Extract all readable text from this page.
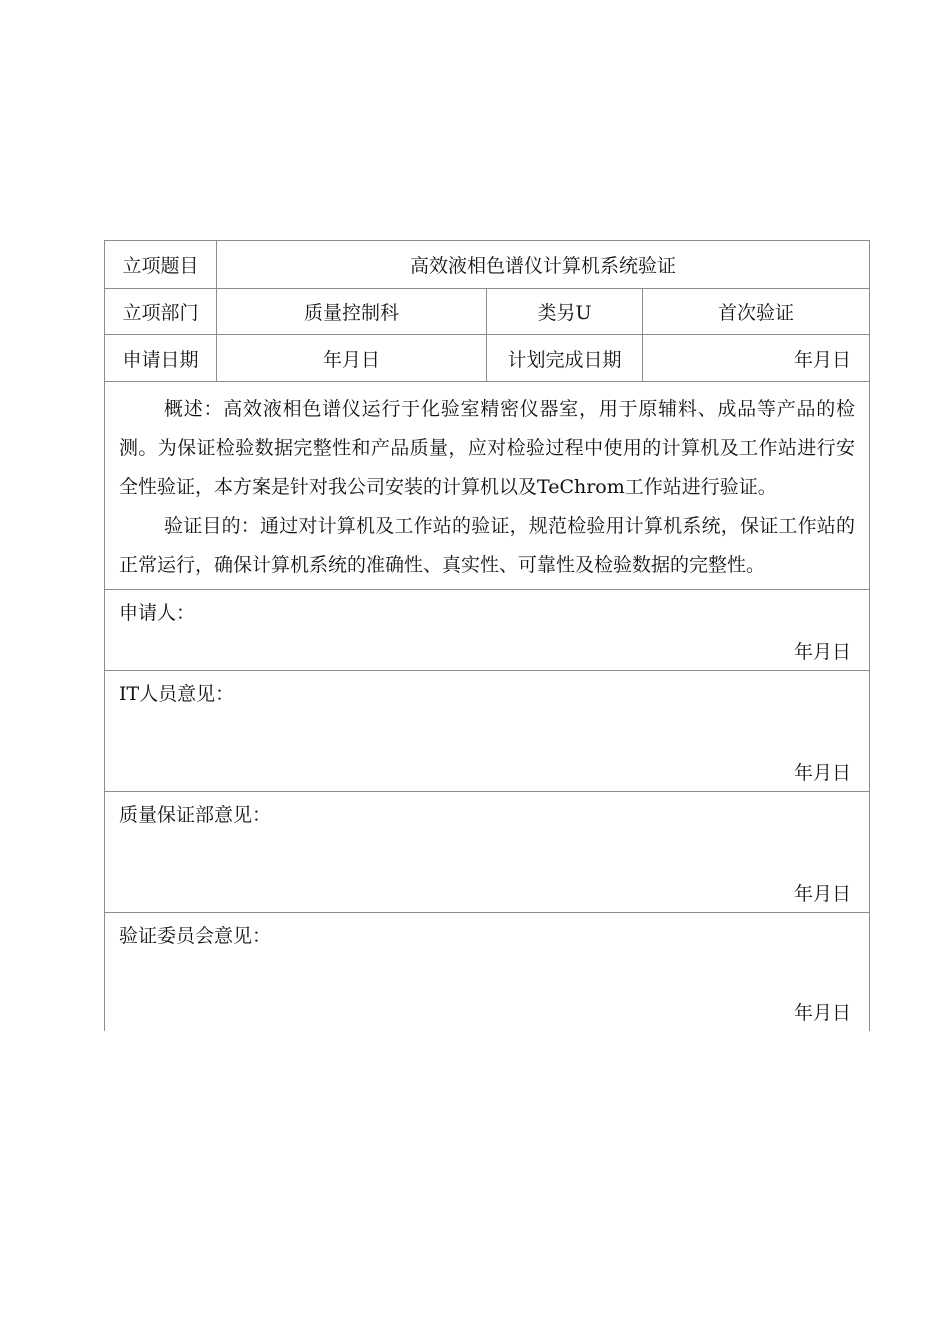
立项题目	高效液相色谱仪计算机系统验证		
立项部门	质量控制科	类另U	首次验证
申请日期	年月日	计划完成日期	年月日

概述：高效液相色谱仪运行于化验室精密仪器室，用于原辅料、成品等产品的检测。为保证检验数据完整性和产品质量，应对检验过程中使用的计算机及工作站进行安全性验证，本方案是针对我公司安装的计算机以及TeChrom工作站进行验证。

验证目的：通过对计算机及工作站的验证，规范检验用计算机系统，保证工作站的正常运行，确保计算机系统的准确性、真实性、可靠性及检验数据的完整性。			

申请人：
年月日			

IT人员意见：
年月日			

质量保证部意见：
年月日			

验证委员会意见：
年月日			
